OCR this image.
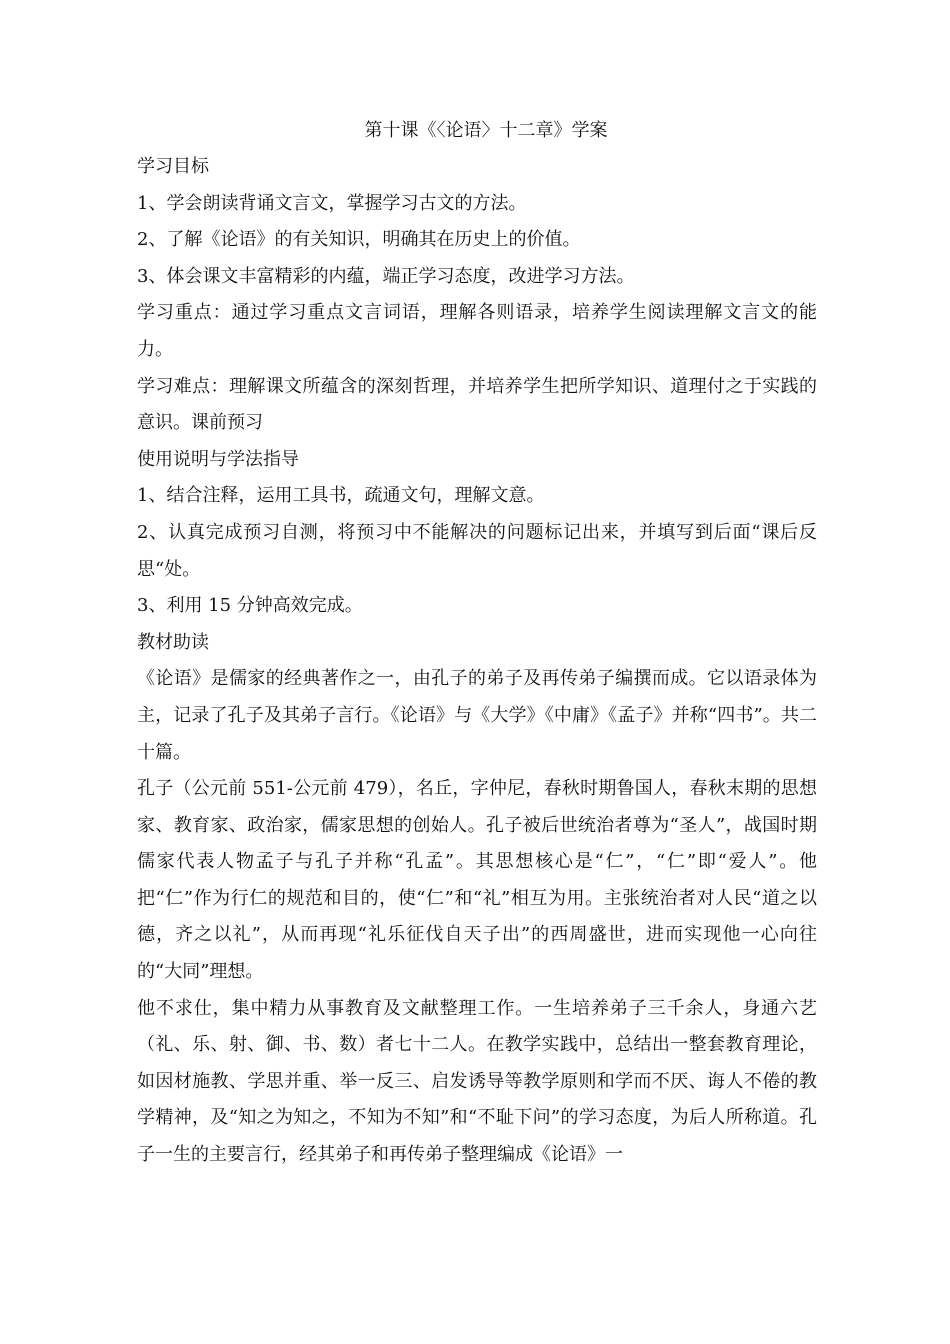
第十课《〈论语〉十二章》学案

学习目标

1、学会朗读背诵文言文，掌握学习古文的方法。

2、了解《论语》的有关知识，明确其在历史上的价值。

3、体会课文丰富精彩的内蕴，端正学习态度，改进学习方法。

学习重点：通过学习重点文言词语，理解各则语录，培养学生阅读理解文言文的能力。

学习难点：理解课文所蕴含的深刻哲理，并培养学生把所学知识、道理付之于实践的意识。课前预习

使用说明与学法指导

1、结合注释，运用工具书，疏通文句，理解文意。

2、认真完成预习自测，将预习中不能解决的问题标记出来，并填写到后面“课后反思“处。

3、利用 15 分钟高效完成。

教材助读

《论语》是儒家的经典著作之一，由孔子的弟子及再传弟子编撰而成。它以语录体为主，记录了孔子及其弟子言行。《论语》与《大学》《中庸》《孟子》并称“四书”。共二十篇。

孔子（公元前 551-公元前 479），名丘，字仲尼，春秋时期鲁国人，春秋末期的思想家、教育家、政治家，儒家思想的创始人。孔子被后世统治者尊为“圣人”，战国时期儒家代表人物孟子与孔子并称“孔孟”。其思想核心是“仁”，“仁”即“爱人”。他把“仁”作为行仁的规范和目的，使“仁”和“礼”相互为用。主张统治者对人民“道之以德，齐之以礼”，从而再现“礼乐征伐自天子出”的西周盛世，进而实现他一心向往的“大同”理想。

他不求仕，集中精力从事教育及文献整理工作。一生培养弟子三千余人，身通六艺（礼、乐、射、御、书、数）者七十二人。在教学实践中，总结出一整套教育理论，如因材施教、学思并重、举一反三、启发诱导等教学原则和学而不厌、诲人不倦的教学精神，及“知之为知之，不知为不知”和“不耻下问”的学习态度，为后人所称道。孔子一生的主要言行，经其弟子和再传弟子整理编成《论语》一
